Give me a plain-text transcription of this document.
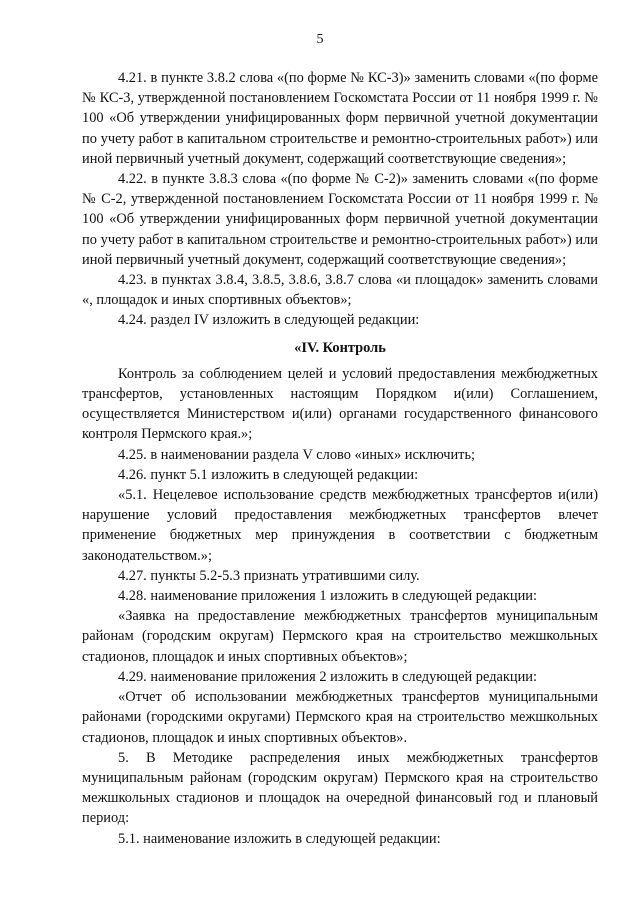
5

4.21. в пункте 3.8.2 слова «(по форме № КС-3)» заменить словами «(по форме № КС-3, утвержденной постановлением Госкомстата России от 11 ноября 1999 г. № 100 «Об утверждении унифицированных форм первичной учетной документации по учету работ в капитальном строительстве и ремонтно-строительных работ») или иной первичный учетный документ, содержащий соответствующие сведения»;

4.22. в пункте 3.8.3 слова «(по форме № С-2)» заменить словами «(по форме № С-2, утвержденной постановлением Госкомстата России от 11 ноября 1999 г. № 100 «Об утверждении унифицированных форм первичной учетной документации по учету работ в капитальном строительстве и ремонтно-строительных работ») или иной первичный учетный документ, содержащий соответствующие сведения»;

4.23. в пунктах 3.8.4, 3.8.5, 3.8.6, 3.8.7 слова «и площадок» заменить словами «, площадок и иных спортивных объектов»;

4.24. раздел IV изложить в следующей редакции:

«IV. Контроль

Контроль за соблюдением целей и условий предоставления межбюджетных трансфертов, установленных настоящим Порядком и(или) Соглашением, осуществляется Министерством и(или) органами государственного финансового контроля Пермского края.»;

4.25. в наименовании раздела V слово «иных» исключить;

4.26. пункт 5.1 изложить в следующей редакции:

«5.1. Нецелевое использование средств межбюджетных трансфертов и(или) нарушение условий предоставления межбюджетных трансфертов влечет применение бюджетных мер принуждения в соответствии с бюджетным законодательством.»;

4.27. пункты 5.2-5.3 признать утратившими силу.

4.28. наименование приложения 1 изложить в следующей редакции:

«Заявка на предоставление межбюджетных трансфертов муниципальным районам (городским округам) Пермского края на строительство межшкольных стадионов, площадок и иных спортивных объектов»;

4.29. наименование приложения 2 изложить в следующей редакции:

«Отчет об использовании межбюджетных трансфертов муниципальными районами (городскими округами) Пермского края на строительство межшкольных стадионов, площадок и иных спортивных объектов».

5. В Методике распределения иных межбюджетных трансфертов муниципальным районам (городским округам) Пермского края на строительство межшкольных стадионов и площадок на очередной финансовый год и плановый период:

5.1. наименование изложить в следующей редакции:
